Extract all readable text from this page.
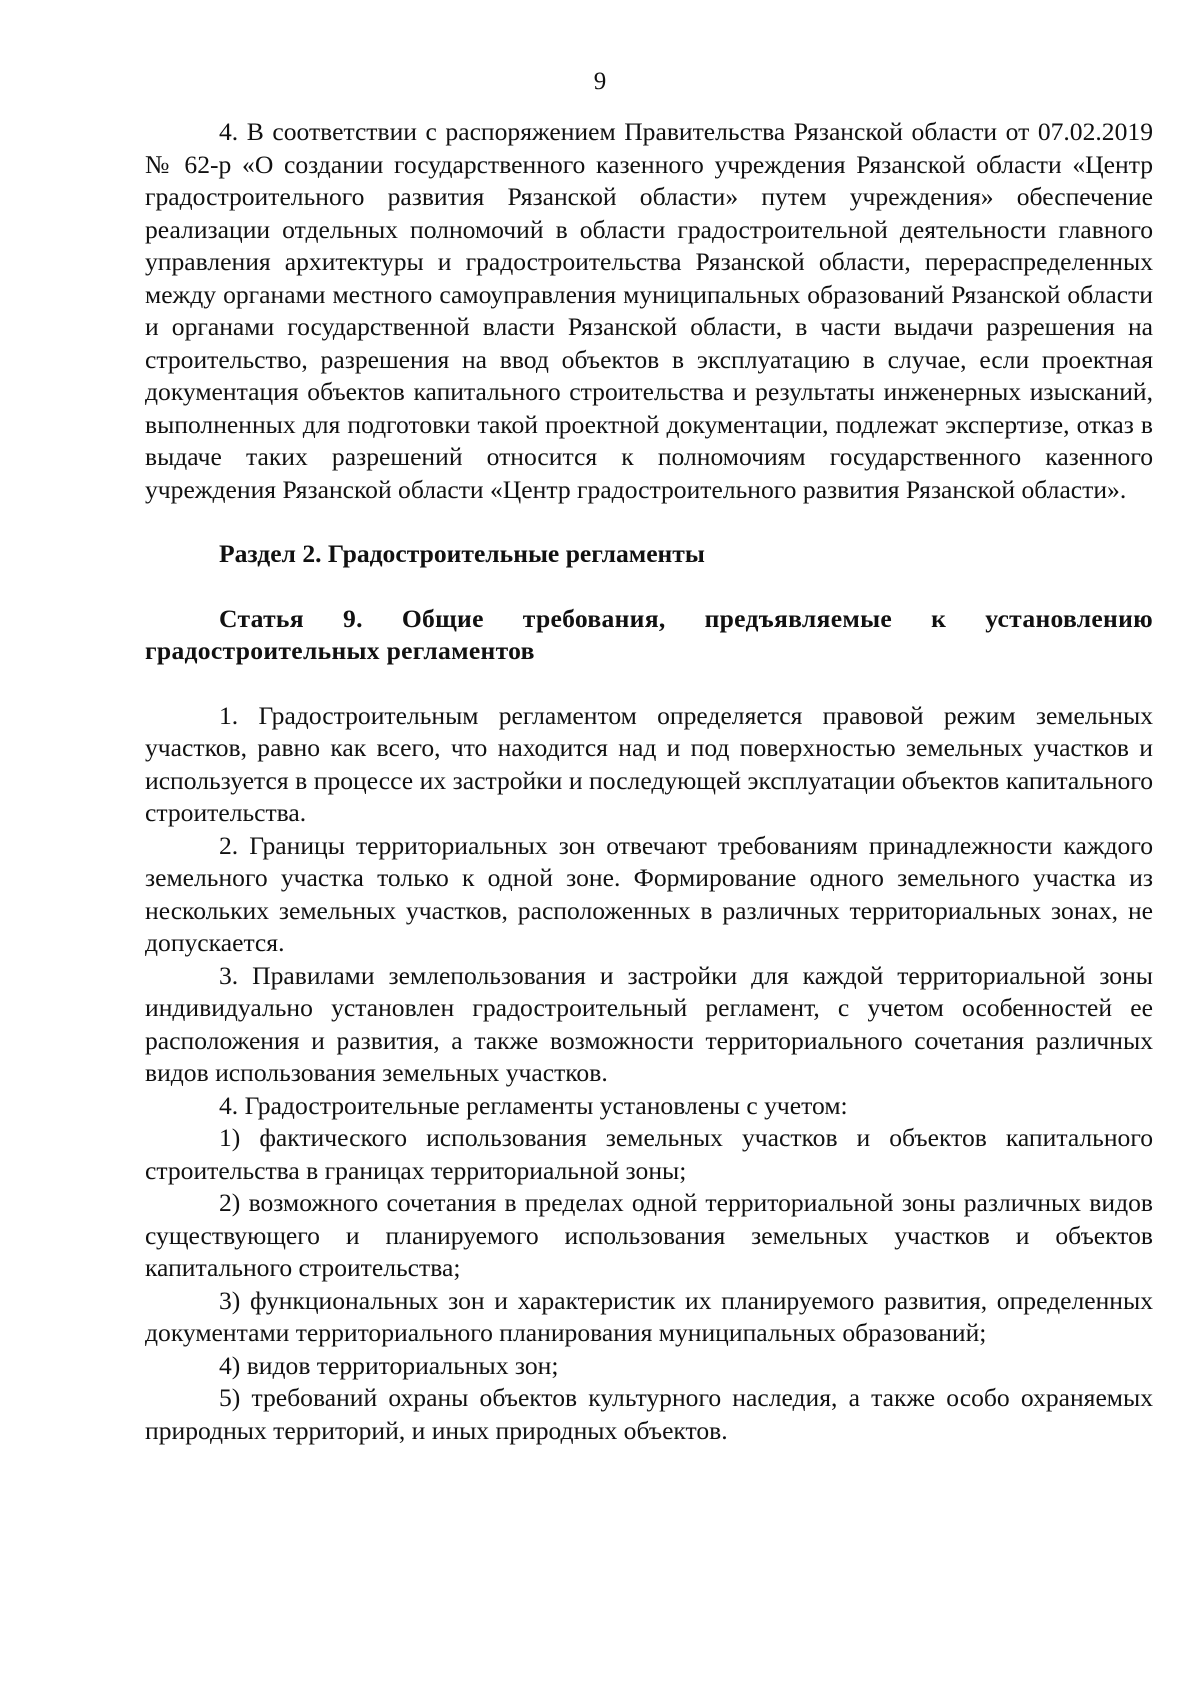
9

4. В соответствии с распоряжением Правительства Рязанской области от 07.02.2019 № 62-р «О создании государственного казенного учреждения Рязанской области «Центр градостроительного развития Рязанской области» путем учреждения» обеспечение реализации отдельных полномочий в области градостроительной деятельности главного управления архитектуры и градостроительства Рязанской области, перераспределенных между органами местного самоуправления муниципальных образований Рязанской области и органами государственной власти Рязанской области, в части выдачи разрешения на строительство, разрешения на ввод объектов в эксплуатацию в случае, если проектная документация объектов капитального строительства и результаты инженерных изысканий, выполненных для подготовки такой проектной документации, подлежат экспертизе, отказ в выдаче таких разрешений относится к полномочиям государственного казенного учреждения Рязанской области «Центр градостроительного развития Рязанской области».

Раздел 2. Градостроительные регламенты

Статья 9. Общие требования, предъявляемые к установлению градостроительных регламентов

1. Градостроительным регламентом определяется правовой режим земельных участков, равно как всего, что находится над и под поверхностью земельных участков и используется в процессе их застройки и последующей эксплуатации объектов капитального строительства.

2. Границы территориальных зон отвечают требованиям принадлежности каждого земельного участка только к одной зоне. Формирование одного земельного участка из нескольких земельных участков, расположенных в различных территориальных зонах, не допускается.

3. Правилами землепользования и застройки для каждой территориальной зоны индивидуально установлен градостроительный регламент, с учетом особенностей ее расположения и развития, а также возможности территориального сочетания различных видов использования земельных участков.

4. Градостроительные регламенты установлены с учетом:

1) фактического использования земельных участков и объектов капитального строительства в границах территориальной зоны;

2) возможного сочетания в пределах одной территориальной зоны различных видов существующего и планируемого использования земельных участков и объектов капитального строительства;

3) функциональных зон и характеристик их планируемого развития, определенных документами территориального планирования муниципальных образований;

4) видов территориальных зон;

5) требований охраны объектов культурного наследия, а также особо охраняемых природных территорий, и иных природных объектов.
